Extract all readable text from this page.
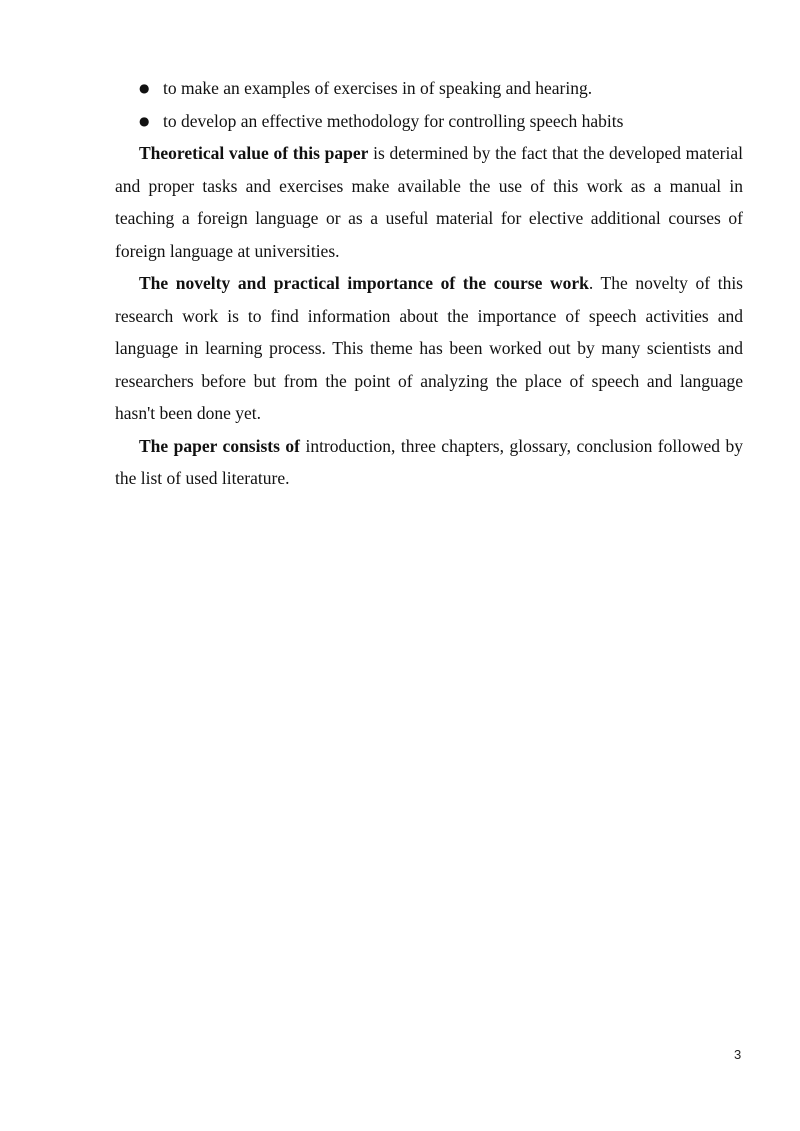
● to make an examples of exercises in of speaking and hearing.
● to develop an effective methodology for controlling speech habits

Theoretical value of this paper is determined by the fact that the developed material and proper tasks and exercises make available the use of this work as a manual in teaching a foreign language or as a useful material for elective additional courses of foreign language at universities.

The novelty and practical importance of the course work. The novelty of this research work is to find information about the importance of speech activities and language in learning process. This theme has been worked out by many scientists and researchers before but from the point of analyzing the place of speech and language hasn't been done yet.

The paper consists of introduction, three chapters, glossary, conclusion followed by the list of used literature.

3
